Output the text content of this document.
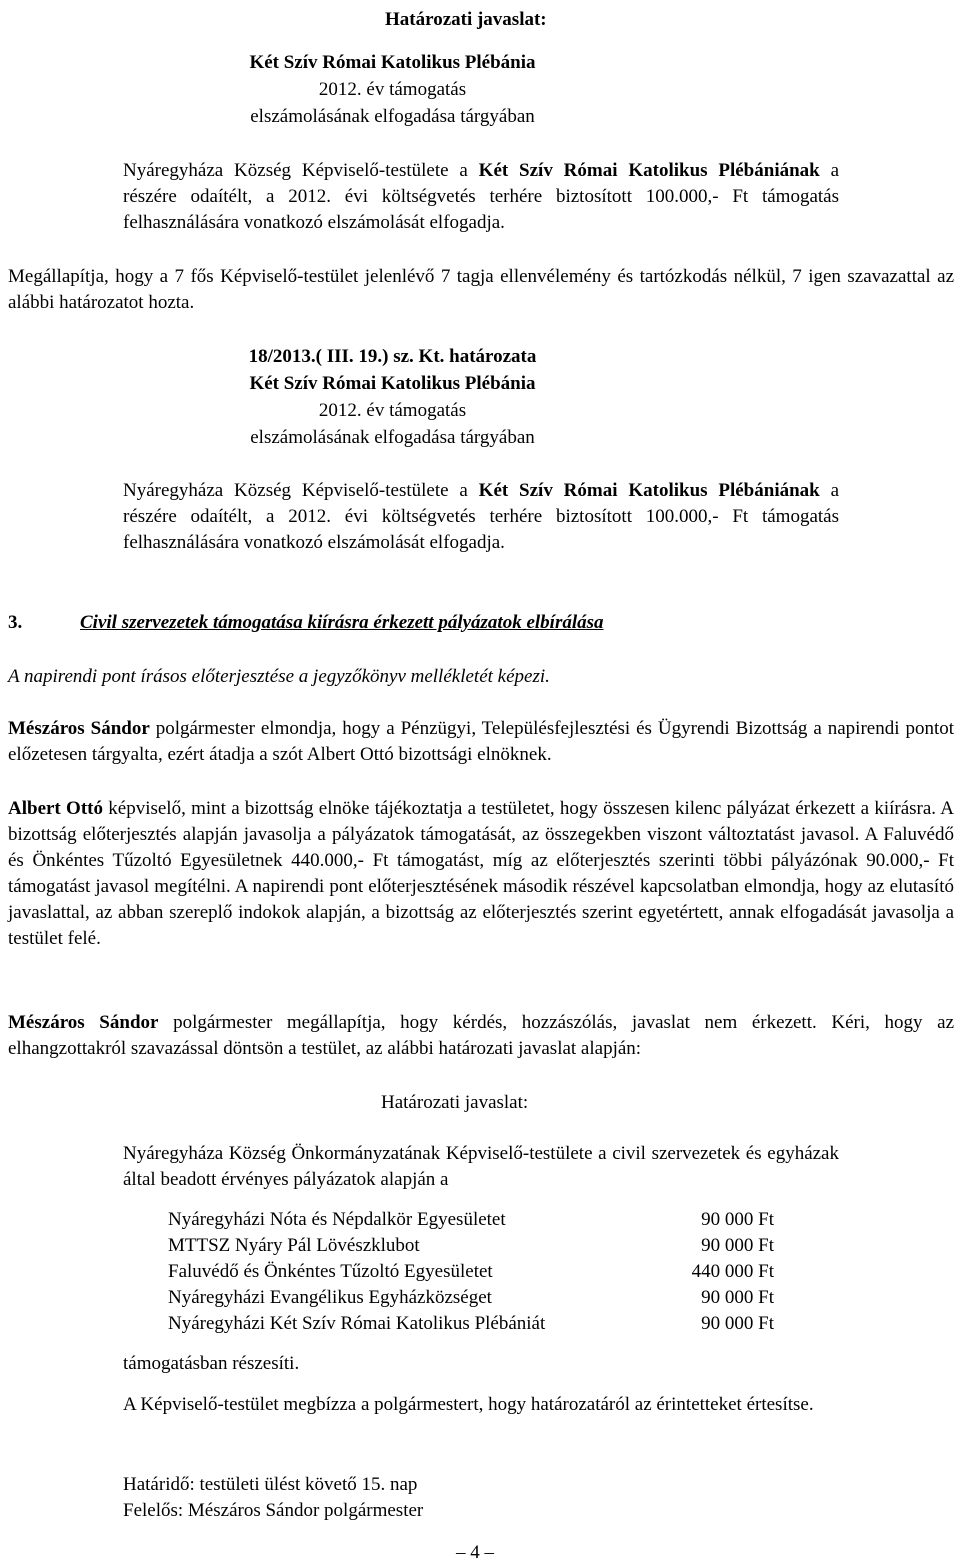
Határozati javaslat:
Két Szív Római Katolikus Plébánia
2012. év támogatás
elszámolásának elfogadása tárgyában

Nyáregyháza Község Képviselő-testülete a Két Szív Római Katolikus Plébániának a részére odaítélt, a 2012. évi költségvetés terhére biztosított 100.000,- Ft támogatás felhasználására vonatkozó elszámolását elfogadja.

Megállapítja, hogy a 7 fős Képviselő-testület jelenlévő 7 tagja ellenvélemény és tartózkodás nélkül, 7 igen szavazattal az alábbi határozatot hozta.

18/2013.( III. 19.) sz. Kt. határozata
Két Szív Római Katolikus Plébánia
2012. év támogatás
elszámolásának elfogadása tárgyában

Nyáregyháza Község Képviselő-testülete a Két Szív Római Katolikus Plébániának a részére odaítélt, a 2012. évi költségvetés terhére biztosított 100.000,- Ft támogatás felhasználására vonatkozó elszámolását elfogadja.

3.	Civil szervezetek támogatása kiírásra érkezett pályázatok elbírálása
A napirendi pont írásos előterjesztése a jegyzőkönyv mellékletét képezi.

Mészáros Sándor polgármester elmondja, hogy a Pénzügyi, Településfejlesztési és Ügyrendi Bizottság a napirendi pontot előzetesen tárgyalta, ezért átadja a szót Albert Ottó bizottsági elnöknek.

Albert Ottó képviselő, mint a bizottság elnöke tájékoztatja a testületet, hogy összesen kilenc pályázat érkezett a kiírásra. A bizottság előterjesztés alapján javasolja a pályázatok támogatását, az összegekben viszont változtatást javasol. A Faluvédő és Önkéntes Tűzoltó Egyesületnek 440.000,- Ft támogatást, míg az előterjesztés szerinti többi pályázónak 90.000,- Ft támogatást javasol megítélni. A napirendi pont előterjesztésének második részével kapcsolatban elmondja, hogy az elutasító javaslattal, az abban szereplő indokok alapján, a bizottság az előterjesztés szerint egyetértett, annak elfogadását javasolja a testület felé.

Mészáros Sándor polgármester megállapítja, hogy kérdés, hozzászólás, javaslat nem érkezett. Kéri, hogy az elhangzottakról szavazással döntsön a testület, az alábbi határozati javaslat alapján:

Határozati javaslat:

Nyáregyháza Község Önkormányzatának Képviselő-testülete a civil szervezetek és egyházak által beadott érvényes pályázatok alapján a

Nyáregyházi Nóta és Népdalkör Egyesületet	90 000 Ft
MTTSZ Nyáry Pál Lövészklubot	90 000 Ft
Faluvédő és Önkéntes Tűzoltó Egyesületet	440 000 Ft
Nyáregyházi Evangélikus Egyházközséget	90 000 Ft
Nyáregyházi Két Szív Római Katolikus Plébániát	90 000 Ft
támogatásban részesíti.

A Képviselő-testület megbízza a polgármestert, hogy határozatáról az érintetteket értesítse.

Határidő: testületi ülést követő 15. nap
Felelős: Mészáros Sándor polgármester
– 4 –
